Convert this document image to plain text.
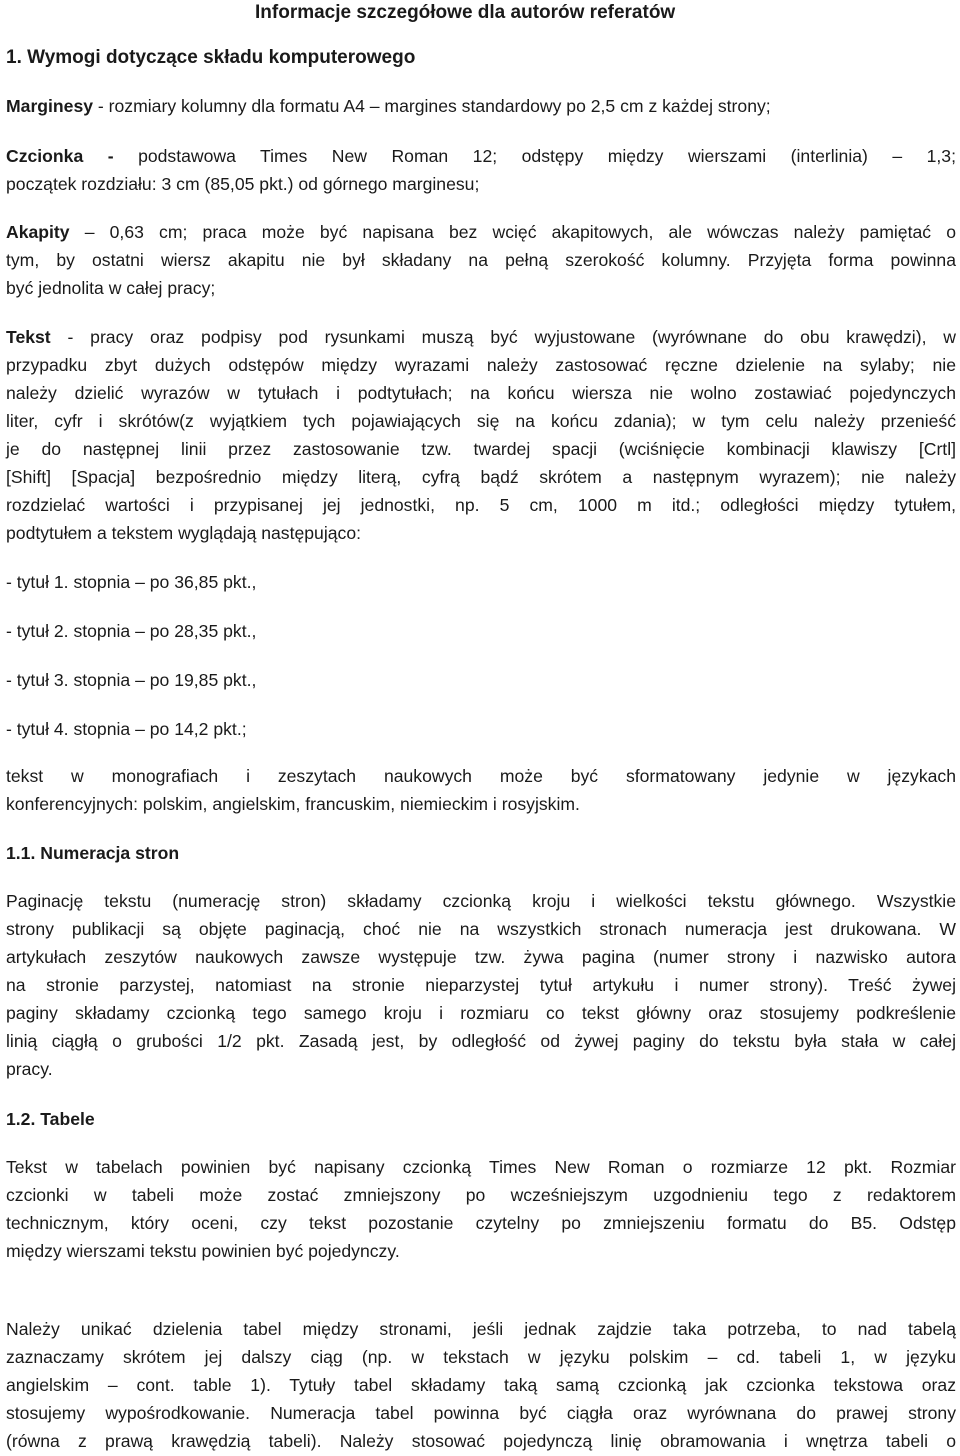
Informacje szczegółowe dla autorów referatów
1. Wymogi dotyczące składu komputerowego
Marginesy - rozmiary kolumny dla formatu A4 – margines standardowy po 2,5 cm z każdej strony;
Czcionka - podstawowa Times New Roman 12; odstępy między wierszami (interlinia) – 1,3;
początek rozdziału: 3 cm (85,05 pkt.) od górnego marginesu;
Akapity – 0,63 cm; praca może być napisana bez wcięć akapitowych, ale wówczas należy pamiętać o
tym, by ostatni wiersz akapitu nie był składany na pełną szerokość kolumny. Przyjęta forma powinna
być jednolita w całej pracy;
Tekst - pracy oraz podpisy pod rysunkami muszą być wyjustowane (wyrównane do obu krawędzi), w
przypadku zbyt dużych odstępów między wyrazami należy zastosować ręczne dzielenie na sylaby; nie
należy dzielić wyrazów w tytułach i podtytułach; na końcu wiersza nie wolno zostawiać pojedynczych
liter, cyfr i skrótów(z wyjątkiem tych pojawiających się na końcu zdania); w tym celu należy przenieść
je do następnej linii przez zastosowanie tzw. twardej spacji (wciśnięcie kombinacji klawiszy [Crtl]
[Shift] [Spacja] bezpośrednio między literą, cyfrą bądź skrótem a następnym wyrazem); nie należy
rozdzielać wartości i przypisanej jej jednostki, np. 5 cm, 1000 m itd.; odległości między tytułem,
podtytułem a tekstem wyglądają następująco:
- tytuł 1. stopnia – po 36,85 pkt.,
- tytuł 2. stopnia – po 28,35 pkt.,
- tytuł 3. stopnia – po 19,85 pkt.,
- tytuł 4. stopnia – po 14,2 pkt.;
tekst w monografiach i zeszytach naukowych może być sformatowany jedynie w językach
konferencyjnych: polskim, angielskim, francuskim, niemieckim i rosyjskim.
1.1. Numeracja stron
Paginację tekstu (numerację stron) składamy czcionką kroju i wielkości tekstu głównego. Wszystkie
strony publikacji są objęte paginacją, choć nie na wszystkich stronach numeracja jest drukowana. W
artykułach zeszytów naukowych zawsze występuje tzw. żywa pagina (numer strony i nazwisko autora
na stronie parzystej, natomiast na stronie nieparzystej tytuł artykułu i numer strony). Treść żywej
paginy składamy czcionką tego samego kroju i rozmiaru co tekst główny oraz stosujemy podkreślenie
linią ciągłą o grubości 1/2 pkt. Zasadą jest, by odległość od żywej paginy do tekstu była stała w całej
pracy.
1.2. Tabele
Tekst w tabelach powinien być napisany czcionką Times New Roman o rozmiarze 12 pkt. Rozmiar
czcionki w tabeli może zostać zmniejszony po wcześniejszym uzgodnieniu tego z redaktorem
technicznym, który oceni, czy tekst pozostanie czytelny po zmniejszeniu formatu do B5. Odstęp
między wierszami tekstu powinien być pojedynczy.
Należy unikać dzielenia tabel między stronami, jeśli jednak zajdzie taka potrzeba, to nad tabelą
zaznaczamy skrótem jej dalszy ciąg (np. w tekstach w języku polskim – cd. tabeli 1, w języku
angielskim – cont. table 1). Tytuły tabel składamy taką samą czcionką jak czcionka tekstowa oraz
stosujemy wypośrodkowanie. Numeracja tabel powinna być ciągła oraz wyrównana do prawej strony
(równa z prawą krawędzią tabeli). Należy stosować pojedynczą linię obramowania i wnętrza tabeli o
